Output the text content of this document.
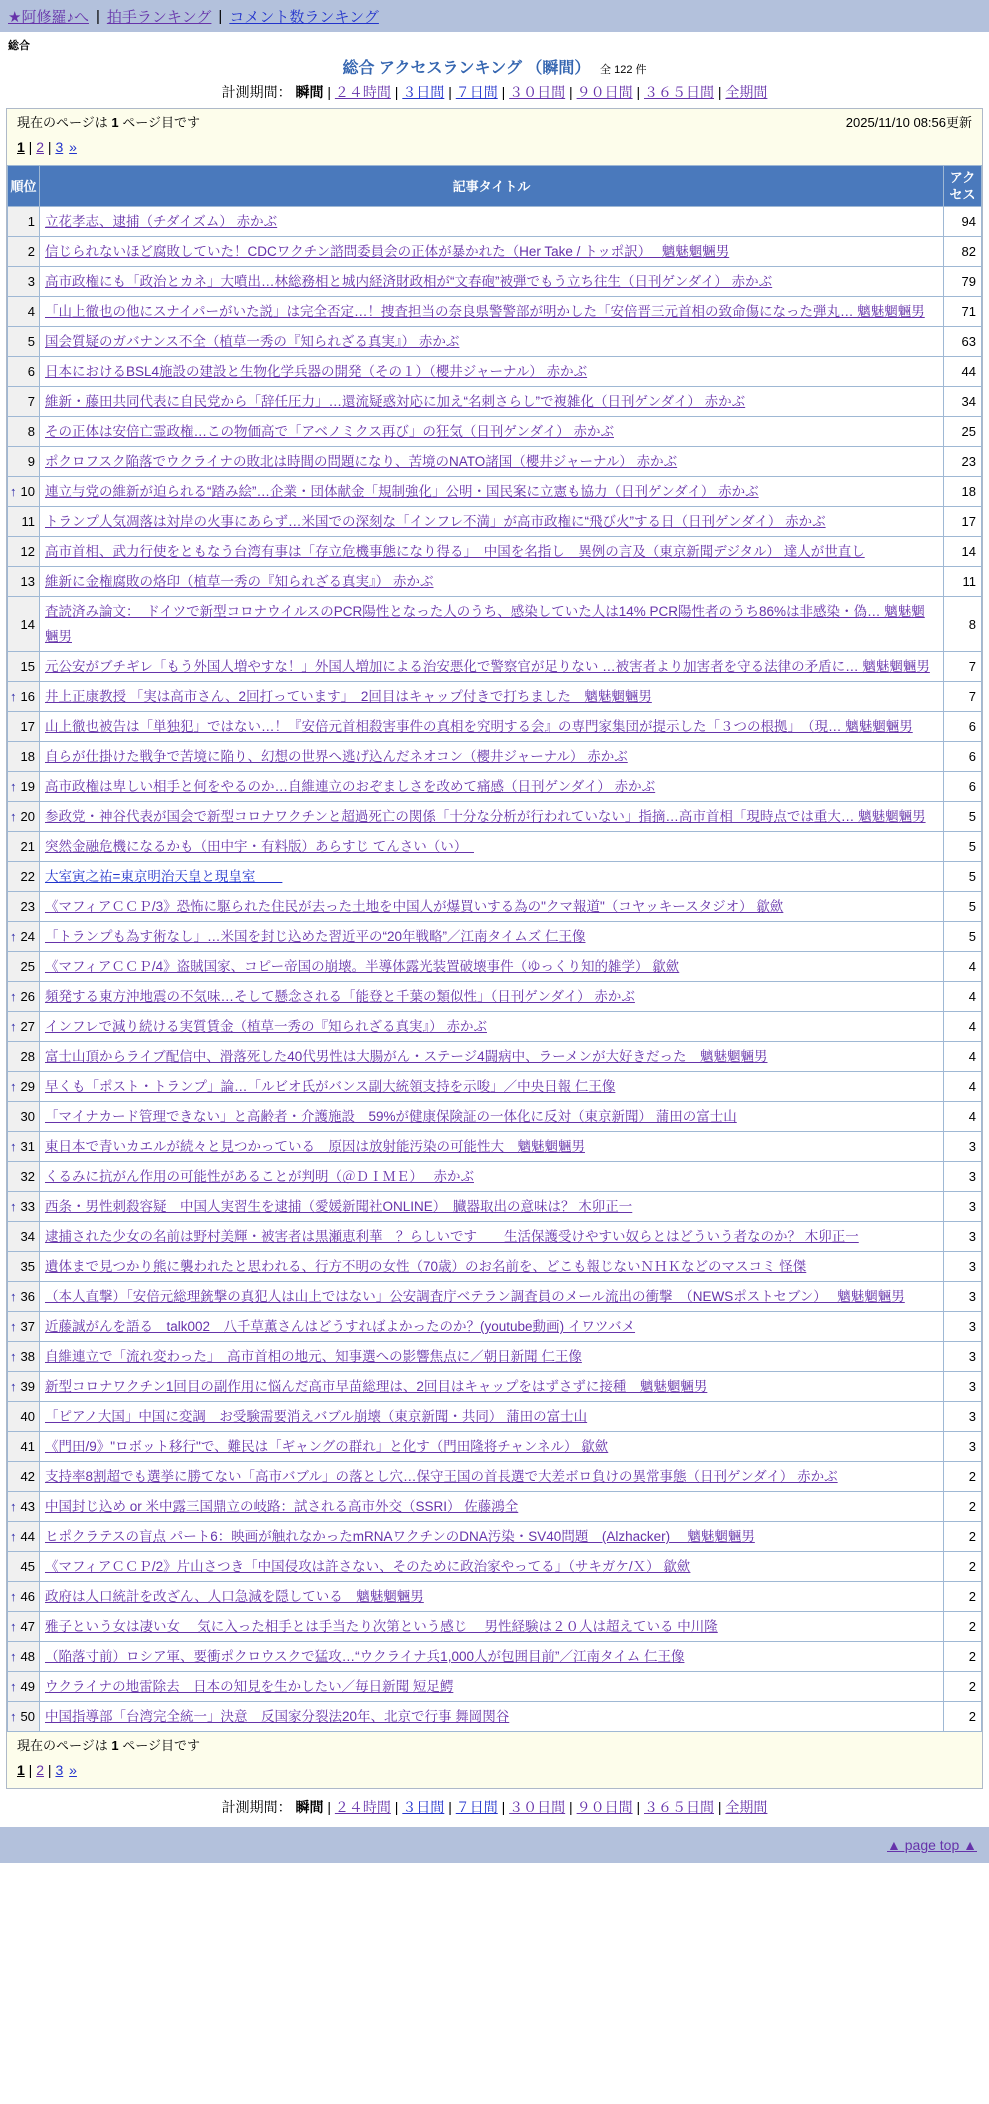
★阿修羅♪へ | 拍手ランキング | コメント数ランキング
総合
総合 アクセスランキング （瞬間） 全 122 件
計測期間： 瞬間 | ２４時間 | ３日間 | ７日間 | ３０日間 | ９０日間 | ３６５日間 | 全期間
現在のページは 1 ページ目です	2025/11/10 08:56更新
1 | 2 | 3 »
順位	記事タイトル	アクセス

1	立花孝志、逮捕（チダイズム） 赤かぶ	94

2	信じられないほど腐敗していた！CDCワクチン諮問委員会の正体が暴かれた（Her Take / トッポ訳）　 魑魅魍魎男	82

3	高市政権にも「政治とカネ」大噴出…林総務相と城内経済財政相が“文春砲”被弾でもう立ち往生（日刊ゲンダイ） 赤かぶ	79

4	「山上徹也の他にスナイパーがいた説」は完全否定…！捜査担当の奈良県警警部が明かした「安倍晋三元首相の致命傷になった弾丸… 魑魅魍魎男	71

5	国会質疑のガバナンス不全（植草一秀の『知られざる真実』） 赤かぶ	63

6	日本におけるBSL4施設の建設と生物化学兵器の開発（その１）（櫻井ジャーナル） 赤かぶ	44

7	維新・藤田共同代表に自民党から「辞任圧力」…還流疑惑対応に加え“名刺さらし”で複雑化（日刊ゲンダイ） 赤かぶ	34

8	その正体は安倍亡霊政権…この物価高で「アベノミクス再び」の狂気（日刊ゲンダイ） 赤かぶ	25

9	ポクロフスク陥落でウクライナの敗北は時間の問題になり、苦境のNATO諸国（櫻井ジャーナル） 赤かぶ	23

↑ 10	連立与党の維新が迫られる“踏み絵”…企業・団体献金「規制強化」公明・国民案に立憲も協力（日刊ゲンダイ） 赤かぶ	18

11	トランプ人気凋落は対岸の火事にあらず…米国での深刻な「インフレ不満」が高市政権に“飛び火”する日（日刊ゲンダイ） 赤かぶ	17

12	高市首相、武力行使をともなう台湾有事は「存立危機事態になり得る」　中国を名指し　異例の言及（東京新聞デジタル） 達人が世直し	14

13	維新に金権腐敗の烙印（植草一秀の『知られざる真実』） 赤かぶ	11

14	査読済み論文：　ドイツで新型コロナウイルスのPCR陽性となった人のうち、感染していた人は14% PCR陽性者のうち86%は非感染・偽… 魑魅魍魎男	8

15	元公安がブチギレ「もう外国人増やすな！」外国人増加による治安悪化で警察官が足りない …被害者より加害者を守る法律の矛盾に… 魑魅魍魎男	7

↑ 16	井上正康教授 「実は高市さん、2回打っています」　2回目はキャップ付きで打ちました　魑魅魍魎男	7

17	山上徹也被告は「単独犯」ではない…！『安倍元首相殺害事件の真相を究明する会』の専門家集団が提示した「３つの根拠」　（現… 魑魅魍魎男	6

18	自らが仕掛けた戦争で苦境に陥り、幻想の世界へ逃げ込んだネオコン（櫻井ジャーナル） 赤かぶ	6

↑ 19	高市政権は卑しい相手と何をやるのか…自維連立のおぞましさを改めて痛感（日刊ゲンダイ） 赤かぶ	6

↑ 20	参政党・神谷代表が国会で新型コロナワクチンと超過死亡の関係「十分な分析が行われていない」指摘…高市首相「現時点では重大… 魑魅魍魎男	5

21	突然金融危機になるかも（田中宇・有料版）あらすじ てんさい（い）　	5

22	大室寅之祐=東京明治天皇と現皇室　　	5

23	《マフィアＣＣＰ/3》恐怖に駆られた住民が去った土地を中国人が爆買いする為の"クマ報道"（コヤッキースタジオ） 歙歛	5

↑ 24	「トランプも為す術なし」…米国を封じ込めた習近平の“20年戦略”／江南タイムズ 仁王像	5

25	《マフィアＣＣＰ/4》盗賊国家、コピー帝国の崩壊。半導体露光装置破壊事件（ゆっくり知的雑学） 歙歛	4

↑ 26	頻発する東方沖地震の不気味…そして懸念される「能登と千葉の類似性」（日刊ゲンダイ） 赤かぶ	4

↑ 27	インフレで減り続ける実質賃金（植草一秀の『知られざる真実』） 赤かぶ	4

28	富士山頂からライブ配信中、滑落死した40代男性は大腸がん・ステージ4闘病中、ラーメンが大好きだった　魑魅魍魎男	4

↑ 29	早くも「ポスト・トランプ」論…「ルビオ氏がバンス副大統領支持を示唆」／中央日報 仁王像	4

30	「マイナカード管理できない」と高齢者・介護施設　59%が健康保険証の一体化に反対（東京新聞） 蒲田の富士山	4

↑ 31	東日本で青いカエルが続々と見つかっている　原因は放射能汚染の可能性大　魑魅魍魎男	3

32	くるみに抗がん作用の可能性があることが判明（＠ＤＩＭＥ）　 赤かぶ	3

↑ 33	西条・男性刺殺容疑　中国人実習生を逮捕（愛媛新聞社ONLINE）　臓器取出の意味は？ 木卯正一	3

34	逮捕された少女の名前は野村美輝・被害者は黒瀬恵利華　？らしいです　　生活保護受けやすい奴らとはどういう者なのか？ 木卯正一	3

35	遺体まで見つかり熊に襲われたと思われる、行方不明の女性（70歳）のお名前を、どこも報じないＮＨＫなどのマスコミ 怪傑	3

↑ 36	（本人直撃）「安倍元総理銃撃の真犯人は山上ではない」公安調査庁ベテラン調査員のメール流出の衝撃　（NEWSポストセブン）　 魑魅魍魎男	3

↑ 37	近藤誠がんを語る　talk002　八千草薫さんはどうすればよかったのか？(youtube動画) イワツバメ	3

↑ 38	自維連立で「流れ変わった」　高市首相の地元、知事選への影響焦点に／朝日新聞 仁王像	3

↑ 39	新型コロナワクチン1回目の副作用に悩んだ高市早苗総理は、2回目はキャップをはずさずに接種　魑魅魍魎男	3

40	「ピアノ大国」中国に変調　お受験需要消えバブル崩壊（東京新聞・共同） 蒲田の富士山	3

41	《門田/9》"ロボット移行"で、難民は「ギャングの群れ」と化す（門田隆将チャンネル） 歙歛	3

42	支持率8割超でも選挙に勝てない「高市バブル」の落とし穴…保守王国の首長選で大差ボロ負けの異常事態（日刊ゲンダイ） 赤かぶ	2

↑ 43	中国封じ込め or 米中露三国鼎立の岐路：試される高市外交（SSRI） 佐藤鴻全	2

↑ 44	ヒポクラテスの盲点 パート6：映画が触れなかったmRNAワクチンのDNA汚染・SV40問題　(Alzhacker)　 魑魅魍魎男	2

45	《マフィアＣＣＰ/2》片山さつき「中国侵攻は許さない、そのために政治家やってる」（サキガケ/Ｘ） 歙歛	2

↑ 46	政府は人口統計を改ざん、人口急減を隠している　魑魅魍魎男	2

↑ 47	雅子という女は凄い女 ＿気に入った相手とは手当たり次第という感じ ＿男性経験は２０人は超えている 中川隆	2

↑ 48	（陥落寸前）ロシア軍、要衝ポクロウスクで猛攻…“ウクライナ兵1,000人が包囲目前”／江南タイム 仁王像	2

↑ 49	ウクライナの地雷除去　日本の知見を生かしたい／毎日新聞 短足鰐	2

↑ 50	中国指導部「台湾完全統一」決意　反国家分裂法20年、北京で行事 舞岡関谷	2
現在のページは 1 ページ目です
1 | 2 | 3 »
計測期間： 瞬間 | ２４時間 | ３日間 | ７日間 | ３０日間 | ９０日間 | ３６５日間 | 全期間
▲ page top ▲
